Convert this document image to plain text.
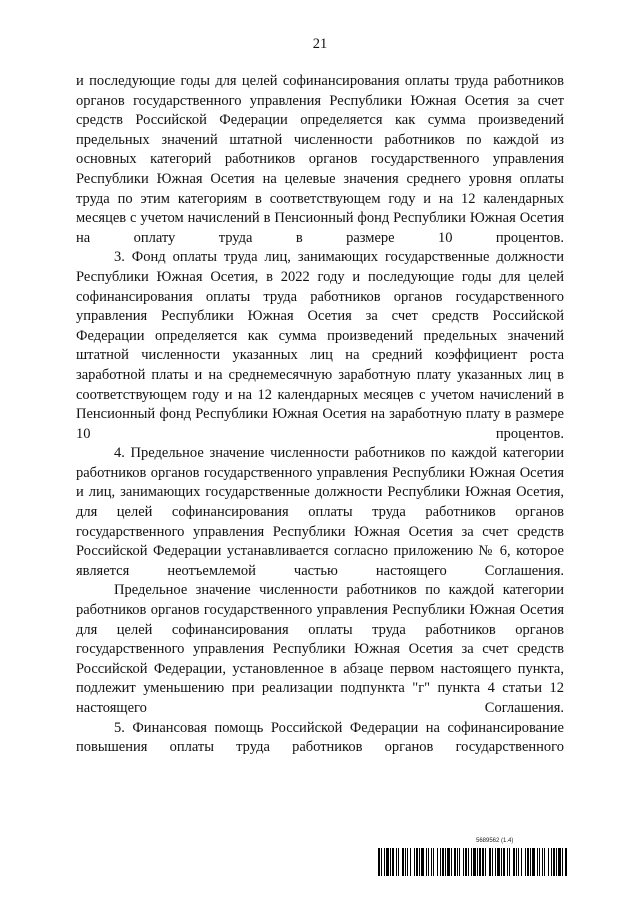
21

и последующие годы для целей софинансирования оплаты труда работников органов государственного управления Республики Южная Осетия за счет средств Российской Федерации определяется как сумма произведений предельных значений штатной численности работников по каждой из основных категорий работников органов государственного управления Республики Южная Осетия на целевые значения среднего уровня оплаты труда по этим категориям в соответствующем году и на 12 календарных месяцев с учетом начислений в Пенсионный фонд Республики Южная Осетия на оплату труда в размере 10 процентов.

3. Фонд оплаты труда лиц, занимающих государственные должности Республики Южная Осетия, в 2022 году и последующие годы для целей софинансирования оплаты труда работников органов государственного управления Республики Южная Осетия за счет средств Российской Федерации определяется как сумма произведений предельных значений штатной численности указанных лиц на средний коэффициент роста заработной платы и на среднемесячную заработную плату указанных лиц в соответствующем году и на 12 календарных месяцев с учетом начислений в Пенсионный фонд Республики Южная Осетия на заработную плату в размере 10 процентов.

4. Предельное значение численности работников по каждой категории работников органов государственного управления Республики Южная Осетия и лиц, занимающих государственные должности Республики Южная Осетия, для целей софинансирования оплаты труда работников органов государственного управления Республики Южная Осетия за счет средств Российской Федерации устанавливается согласно приложению № 6, которое является неотъемлемой частью настоящего Соглашения.

Предельное значение численности работников по каждой категории работников органов государственного управления Республики Южная Осетия для целей софинансирования оплаты труда работников органов государственного управления Республики Южная Осетия за счет средств Российской Федерации, установленное в абзаце первом настоящего пункта, подлежит уменьшению при реализации подпункта "г" пункта 4 статьи 12 настоящего Соглашения.

5. Финансовая помощь Российской Федерации на софинансирование повышения оплаты труда работников органов государственного

5689562 (1.4)
